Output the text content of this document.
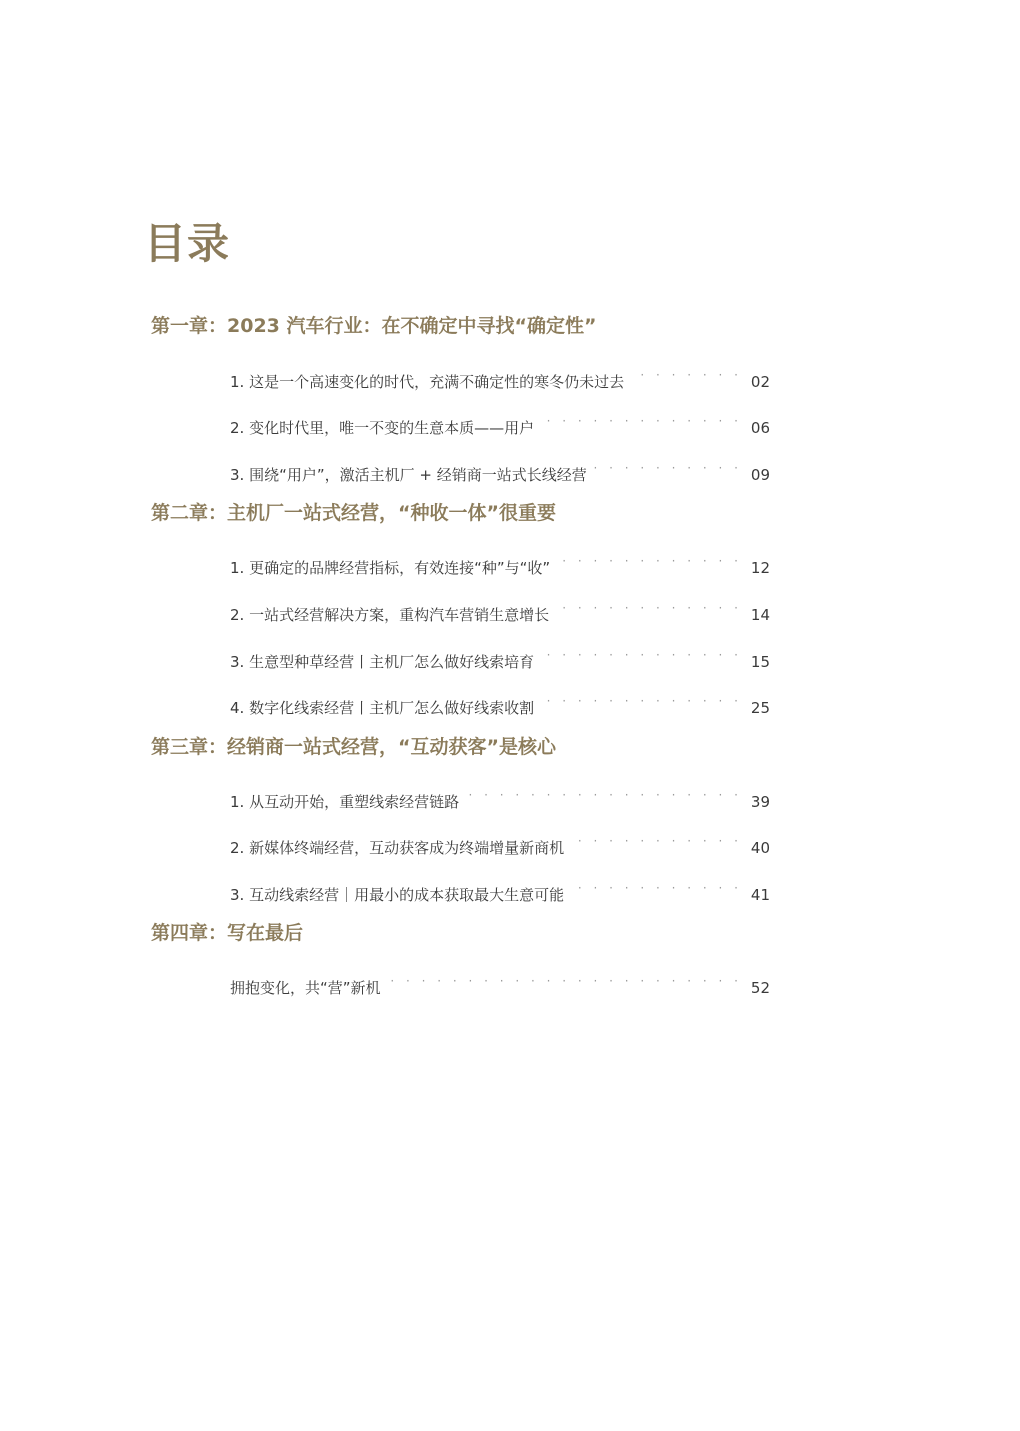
目录
第一章：2023 汽车行业：在不确定中寻找“确定性”
1. 这是一个高速变化的时代，充满不确定性的寒冬仍未过去 · · ·	02
2. 变化时代里，唯一不变的生意本质——用户 · · ·	06
3. 围绕“用户”，激活主机厂 + 经销商一站式长线经营 · · ·	09
第二章：主机厂一站式经营，“种收一体”很重要
1. 更确定的品牌经营指标，有效连接“种”与“收” · · ·	12
2. 一站式经营解决方案，重构汽车营销生意增长 · · ·	14
3. 生意型种草经营丨主机厂怎么做好线索培育 · · ·	15
4. 数字化线索经营丨主机厂怎么做好线索收割 · · ·	25
第三章：经销商一站式经营，“互动获客”是核心
1. 从互动开始，重塑线索经营链路 · · ·	39
2. 新媒体终端经营，互动获客成为终端增量新商机 · · ·	40
3. 互动线索经营｜用最小的成本获取最大生意可能 · · ·	41
第四章：写在最后
拥抱变化，共“营”新机 · · ·	52
